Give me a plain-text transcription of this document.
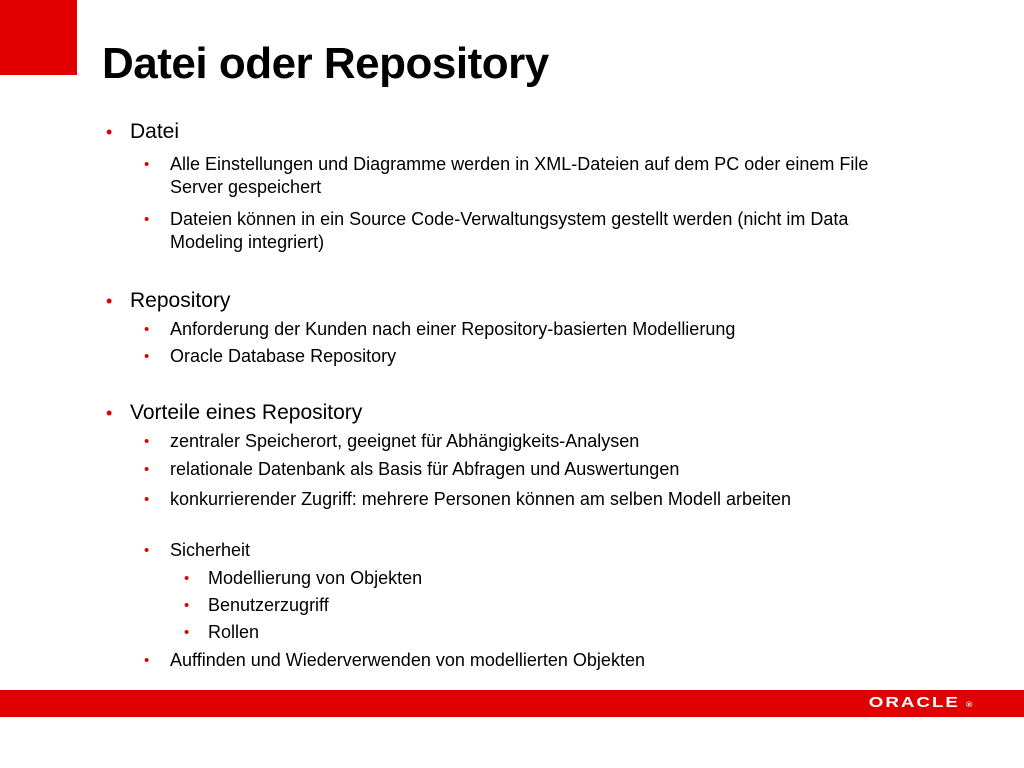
Datei oder Repository

• Datei

• Alle Einstellungen und Diagramme werden in XML-Dateien auf dem PC oder einem File Server gespeichert

• Dateien können in ein Source Code-Verwaltungsystem gestellt werden (nicht im Data Modeling integriert)

• Repository

• Anforderung der Kunden nach einer Repository-basierten Modellierung

• Oracle Database Repository

• Vorteile eines Repository

• zentraler Speicherort, geeignet für Abhängigkeits-Analysen

• relationale Datenbank als Basis für Abfragen und Auswertungen

• konkurrierender Zugriff: mehrere Personen können am selben Modell arbeiten

• Sicherheit

• Modellierung von Objekten

• Benutzerzugriff

• Rollen

• Auffinden und Wiederverwenden von modellierten Objekten

ORACLE ®
